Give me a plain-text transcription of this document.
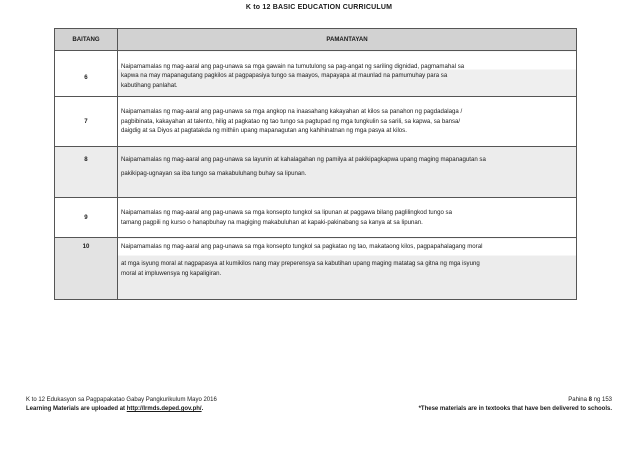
K to 12 BASIC EDUCATION CURRICULUM
BAITANG	PAMANTAYAN
6	Naipamamalas ng mag-aaral ang pag-unawa sa mga gawain na tumutulong sa pag-angat ng sariling dignidad, pagmamahal sa
kapwa na may mapanagutang pagkilos at pagpapasiya tungo sa maayos, mapayapa at maunlad na pamumuhay para sa
kabutihang panlahat.

7	Naipamamalas ng mag-aaral ang pag-unawa sa mga angkop na inaasahang kakayahan at kilos sa panahon ng pagdadalaga /
pagbibinata, kakayahan at talento, hilig at pagkatao ng tao tungo sa pagtupad ng mga tungkulin sa sarili, sa kapwa, sa bansa/
daigdig at sa Diyos at pagtatakda ng mithiin upang mapanagutan ang kahihinatnan ng mga pasya at kilos.

8	Naipamamalas ng mag-aaral ang pag-unawa sa layunin at kahalagahan ng pamilya at pakikipagkapwa upang maging mapanagutan sa
pakikipag-ugnayan sa iba tungo sa makabuluhang buhay sa lipunan.

9	Naipamamalas ng mag-aaral ang pag-unawa sa mga konsepto tungkol sa lipunan at paggawa bilang paglilingkod tungo sa
tamang pagpili ng kurso o hanapbuhay na magiging makabuluhan at kapaki-pakinabang sa kanya at sa lipunan.

10	Naipamamalas ng mag-aaral ang pag-unawa sa mga konsepto tungkol sa pagkatao ng tao, makataong kilos, pagpapahalagang moral
at mga isyung moral at nagpapasya at kumikilos nang may preperensya sa kabutihan upang maging matatag sa gitna ng mga isyung
moral at impluwensya ng kapaligiran.
K to 12 Edukasyon sa Pagpapakatao Gabay Pangkurikulum Mayo 2016
Learning Materials are uploaded at http://lrmds.deped.gov.ph/.
Pahina 8 ng 153
*These materials are in textooks that have ben delivered to schools.
